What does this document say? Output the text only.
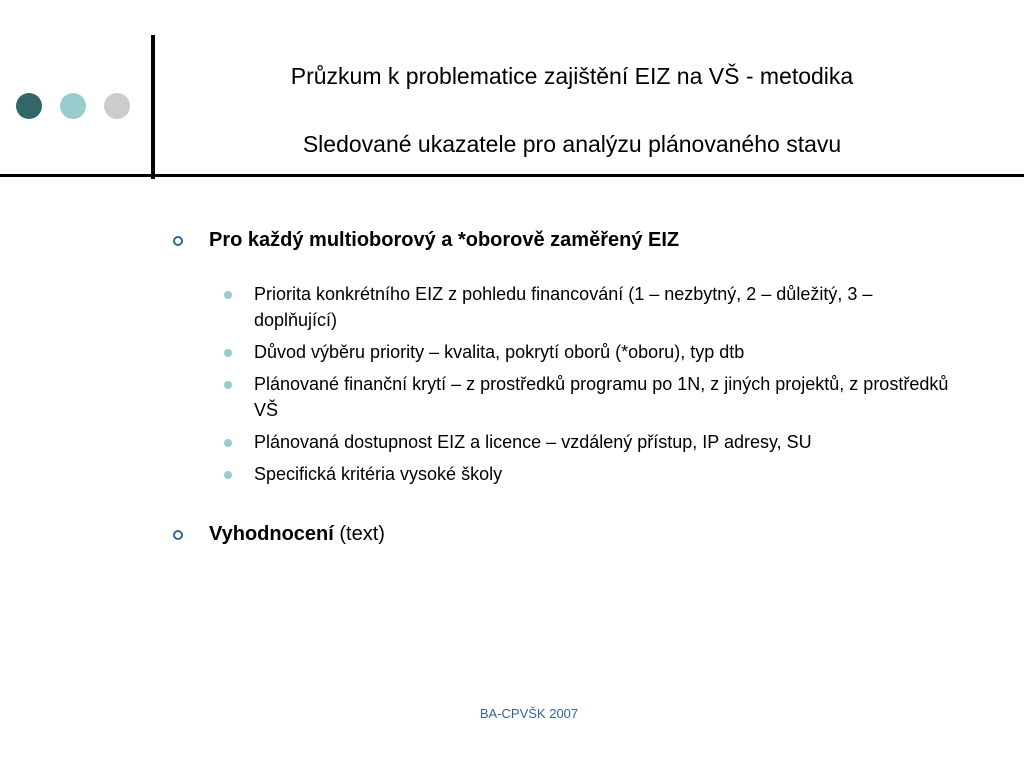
Průzkum k problematice zajištění EIZ na VŠ - metodika
Sledované ukazatele pro analýzu plánovaného stavu
Pro každý multioborový a *oborově zaměřený EIZ
Priorita konkrétního EIZ z pohledu financování (1 – nezbytný, 2 – důležitý, 3 – doplňující)
Důvod výběru priority – kvalita, pokrytí oborů (*oboru), typ dtb
Plánované finanční krytí – z prostředků programu po 1N, z jiných projektů, z prostředků VŠ
Plánovaná dostupnost EIZ a licence – vzdálený přístup, IP adresy, SU
Specifická kritéria vysoké školy
Vyhodnocení (text)
BA-CPVŠK 2007
